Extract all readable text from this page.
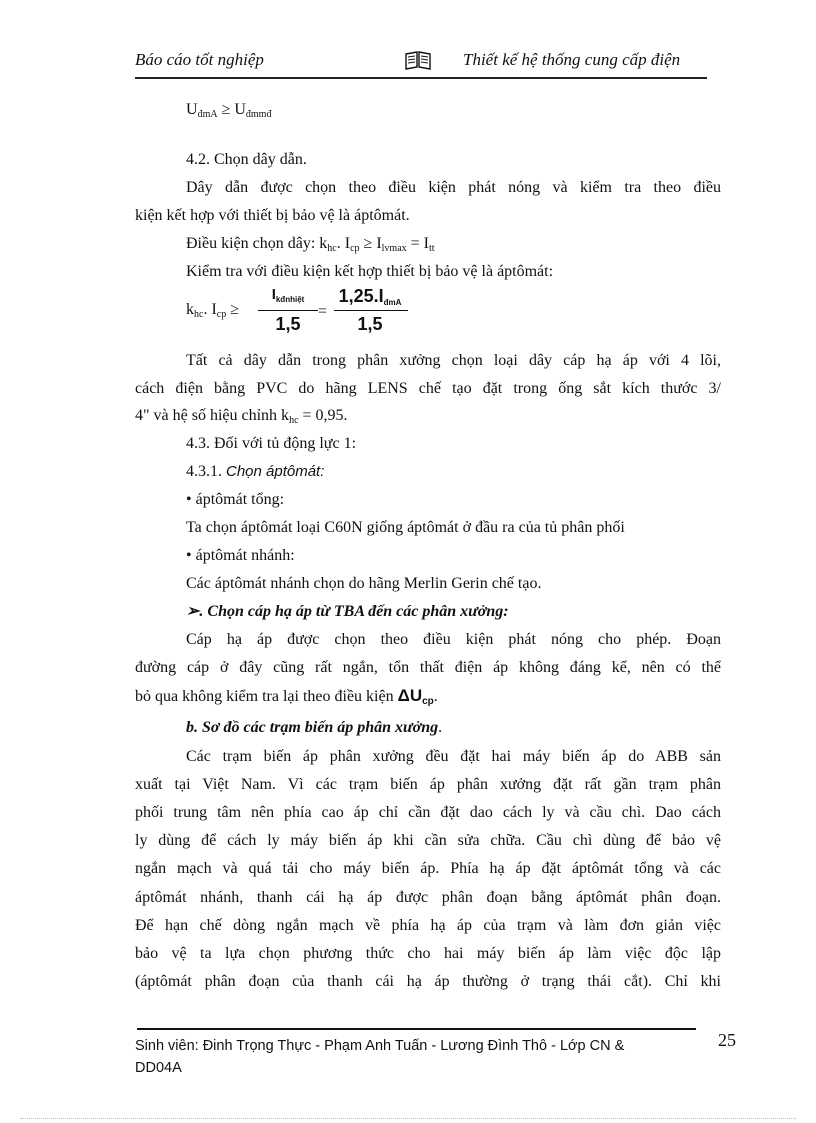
Báo cáo tốt nghiệp	Thiết kế hệ thống cung cấp điện
$U_{đmA} \ge U_{đmmđ}$
4.2. Chọn dây dẫn.
Dây dẫn được chọn theo điều kiện phát nóng và kiểm tra theo điều
kiện kết hợp với thiết bị bảo vệ là áptômát.
Điều kiện chọn dây: $k_{hc}$. $I_{cp} \ge I_{lvmax} = I_{tt}$
Kiểm tra với điều kiện kết hợp thiết bị bảo vệ là áptômát:
$k_{hc}$. $I_{cp}$ ≥
$I_{kđnhiệt}$
1,5
=
$1,25.I_{đmA}$
1,5
Tất cả dây dẫn trong phân xưởng chọn loại dây cáp hạ áp với 4 lõi,
cách điện bằng PVC do hãng LENS chế tạo đặt trong ống sắt kích thước 3/
4" và hệ số hiệu chỉnh $k_{hc} = 0,95$.
4.3. Đối với tủ động lực 1:
4.3.1. Chọn áptômát:
• áptômát tổng:
Ta chọn áptômát loại C60N giống áptômát ở đầu ra của tủ phân phối
• áptômát nhánh:
Các áptômát nhánh chọn do hãng Merlin Gerin chế tạo.
➢. Chọn cáp hạ áp từ TBA đến các phân xưởng:
Cáp hạ áp được chọn theo điều kiện phát nóng cho phép. Đoạn
đường cáp ở đây cũng rất ngắn, tổn thất điện áp không đáng kể, nên có thể
bỏ qua không kiểm tra lại theo điều kiện $\Delta U_{cp}$.
b. Sơ đồ các trạm biến áp phân xưởng.
Các trạm biến áp phân xưởng đều đặt hai máy biến áp do ABB sản
xuất tại Việt Nam. Vì các trạm biến áp phân xưởng đặt rất gần trạm phân
phối trung tâm nên phía cao áp chỉ cần đặt dao cách ly và cầu chì. Dao cách
ly dùng để cách ly máy biến áp khi cần sửa chữa. Cầu chì dùng để bảo vệ
ngắn mạch và quá tải cho máy biến áp. Phía hạ áp đặt áptômát tổng và các
áptômát nhánh, thanh cái hạ áp được phân đoạn bằng áptômát phân đoạn.
Để hạn chế dòng ngắn mạch về phía hạ áp của trạm và làm đơn giản việc
bảo vệ ta lựa chọn phương thức cho hai máy biến áp làm việc độc lập
(áptômát phân đoạn của thanh cái hạ áp thường ở trạng thái cắt). Chỉ khi
Sinh viên: Đinh Trọng Thực - Phạm Anh Tuấn - Lương Đình Thô - Lớp CN & DD04A
25
